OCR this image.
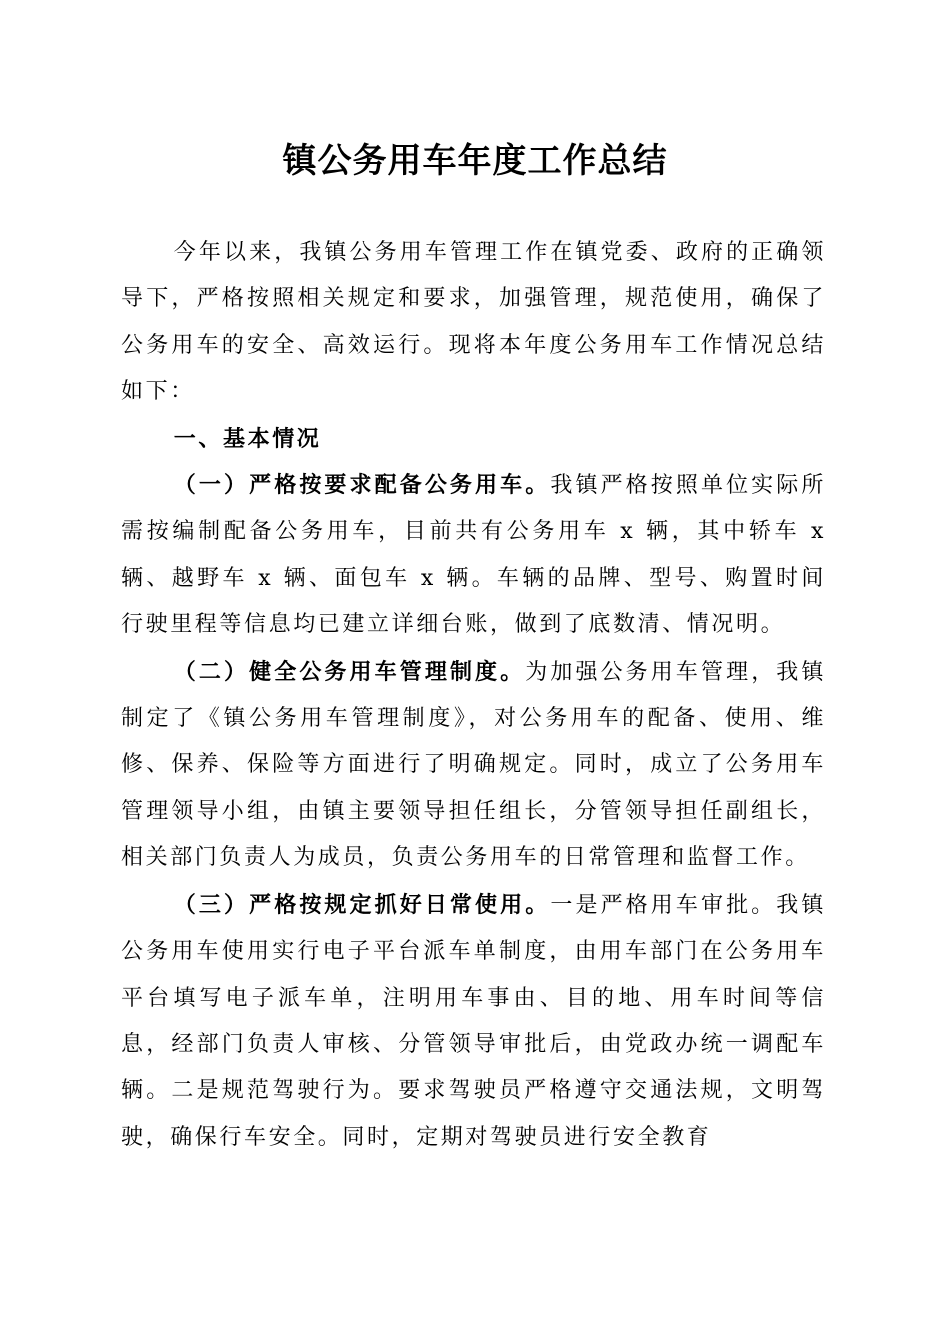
镇公务用车年度工作总结

今年以来，我镇公务用车管理工作在镇党委、政府的正确领导下，严格按照相关规定和要求，加强管理，规范使用，确保了公务用车的安全、高效运行。现将本年度公务用车工作情况总结如下：

一、基本情况

（一）严格按要求配备公务用车。我镇严格按照单位实际所需按编制配备公务用车，目前共有公务用车 x 辆，其中轿车 x 辆、越野车 x 辆、面包车 x 辆。车辆的品牌、型号、购置时间行驶里程等信息均已建立详细台账，做到了底数清、情况明。

（二）健全公务用车管理制度。为加强公务用车管理，我镇制定了《镇公务用车管理制度》，对公务用车的配备、使用、维修、保养、保险等方面进行了明确规定。同时，成立了公务用车管理领导小组，由镇主要领导担任组长，分管领导担任副组长，相关部门负责人为成员，负责公务用车的日常管理和监督工作。

（三）严格按规定抓好日常使用。一是严格用车审批。我镇公务用车使用实行电子平台派车单制度，由用车部门在公务用车平台填写电子派车单，注明用车事由、目的地、用车时间等信息，经部门负责人审核、分管领导审批后，由党政办统一调配车辆。二是规范驾驶行为。要求驾驶员严格遵守交通法规，文明驾驶，确保行车安全。同时，定期对驾驶员进行安全教育
